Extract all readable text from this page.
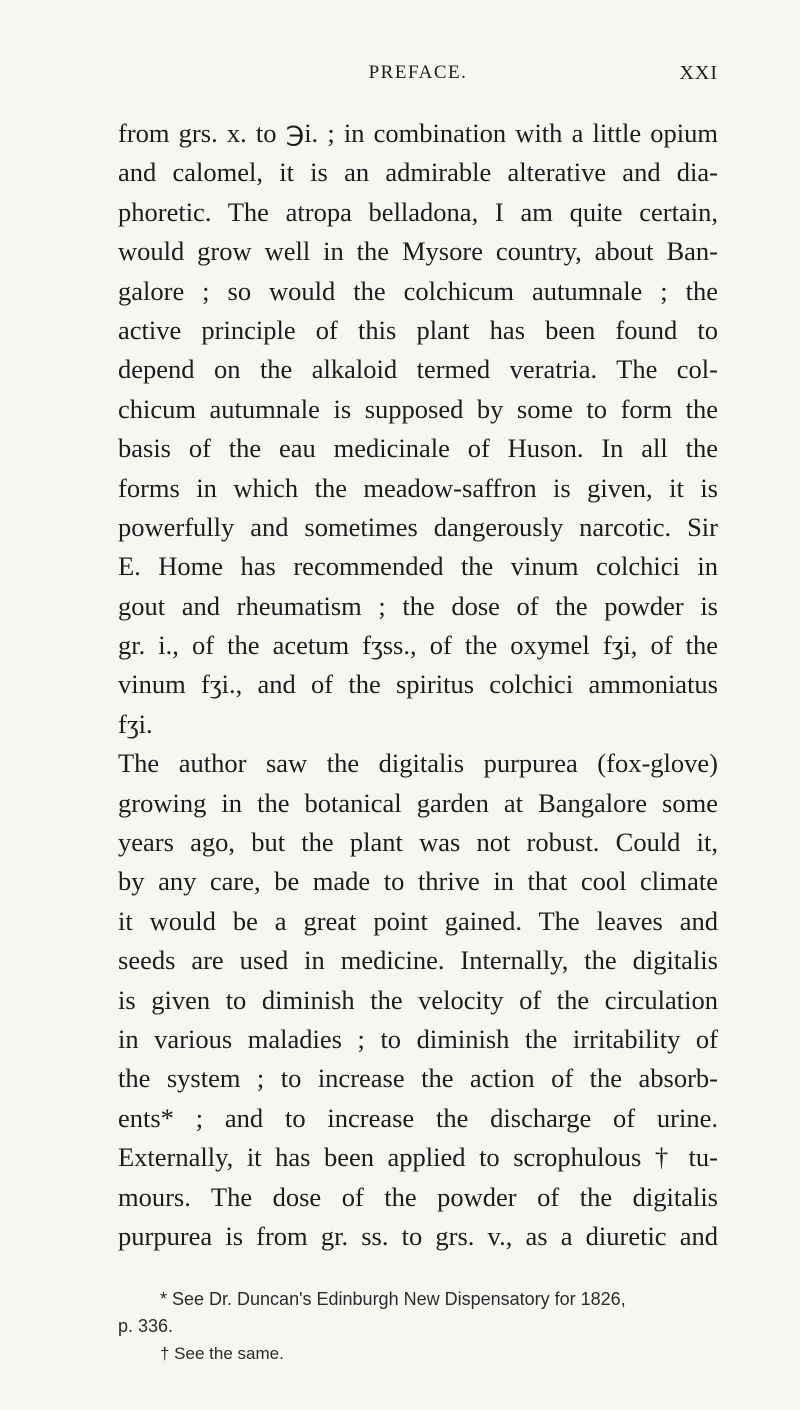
PREFACE.	XXI
from grs. x. to ℈i. ; in combination with a little opium
and calomel, it is an admirable alterative and dia-
phoretic. The atropa belladona, I am quite certain,
would grow well in the Mysore country, about Ban-
galore ; so would the colchicum autumnale ; the
active principle of this plant has been found to
depend on the alkaloid termed veratria. The col-
chicum autumnale is supposed by some to form the
basis of the eau medicinale of Huson. In all the
forms in which the meadow-saffron is given, it is
powerfully and sometimes dangerously narcotic. Sir
E. Home has recommended the vinum colchici in
gout and rheumatism ; the dose of the powder is
gr. i., of the acetum fʒss., of the oxymel fʒi, of the
vinum fʒi., and of the spiritus colchici ammoniatus
fʒi.
The author saw the digitalis purpurea (fox-glove)
growing in the botanical garden at Bangalore some
years ago, but the plant was not robust. Could it,
by any care, be made to thrive in that cool climate
it would be a great point gained. The leaves and
seeds are used in medicine. Internally, the digitalis
is given to diminish the velocity of the circulation
in various maladies ; to diminish the irritability of
the system ; to increase the action of the absorb-
ents* ; and to increase the discharge of urine.
Externally, it has been applied to scrophulous † tu-
mours. The dose of the powder of the digitalis
purpurea is from gr. ss. to grs. v., as a diuretic and
* See Dr. Duncan's Edinburgh New Dispensatory for 1826,
p. 336.
† See the same.
